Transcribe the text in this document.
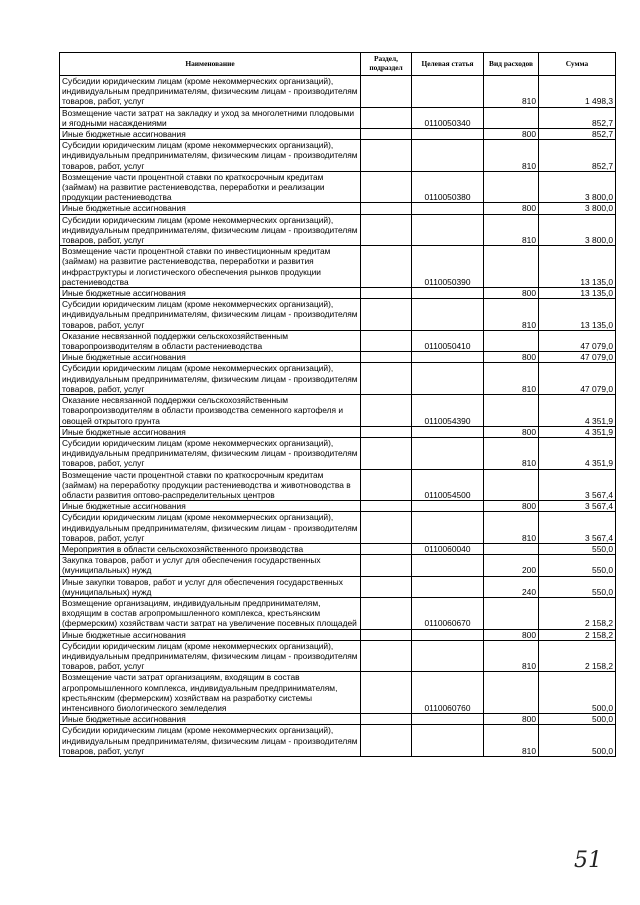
Наименование	Раздел, подраздел	Целевая статья	Вид расходов	Сумма
Субсидии юридическим лицам (кроме некоммерческих организаций), индивидуальным предпринимателям, физическим лицам - производителям товаров, работ, услуг			810	1 498,3
Возмещение части затрат на закладку и уход за многолетними плодовыми и ягодными насаждениями		0110050340		852,7
Иные бюджетные ассигнования			800	852,7
Субсидии юридическим лицам (кроме некоммерческих организаций), индивидуальным предпринимателям, физическим лицам - производителям товаров, работ, услуг			810	852,7
Возмещение части процентной ставки по краткосрочным кредитам (займам) на развитие растениеводства, переработки и реализации продукции растениеводства		0110050380		3 800,0
Иные бюджетные ассигнования			800	3 800,0
Субсидии юридическим лицам (кроме некоммерческих организаций), индивидуальным предпринимателям, физическим лицам - производителям товаров, работ, услуг			810	3 800,0
Возмещение части процентной ставки по инвестиционным кредитам (займам) на развитие растениеводства, переработки и развития инфраструктуры и логистического обеспечения рынков продукции растениеводства		0110050390		13 135,0
Иные бюджетные ассигнования			800	13 135,0
Субсидии юридическим лицам (кроме некоммерческих организаций), индивидуальным предпринимателям, физическим лицам - производителям товаров, работ, услуг			810	13 135,0
Оказание несвязанной поддержки сельскохозяйственным товаропроизводителям в области растениеводства		0110050410		47 079,0
Иные бюджетные ассигнования			800	47 079,0
Субсидии юридическим лицам (кроме некоммерческих организаций), индивидуальным предпринимателям, физическим лицам - производителям товаров, работ, услуг			810	47 079,0
Оказание несвязанной поддержки сельскохозяйственным товаропроизводителям в области производства семенного картофеля и овощей открытого грунта		0110054390		4 351,9
Иные бюджетные ассигнования			800	4 351,9
Субсидии юридическим лицам (кроме некоммерческих организаций), индивидуальным предпринимателям, физическим лицам - производителям товаров, работ, услуг			810	4 351,9
Возмещение части процентной ставки по краткосрочным кредитам (займам) на переработку продукции растениеводства и животноводства в области развития оптово-распределительных центров		0110054500		3 567,4
Иные бюджетные ассигнования			800	3 567,4
Субсидии юридическим лицам (кроме некоммерческих организаций), индивидуальным предпринимателям, физическим лицам - производителям товаров, работ, услуг			810	3 567,4
Мероприятия в области сельскохозяйственного производства		0110060040		550,0
Закупка товаров, работ и услуг для обеспечения государственных (муниципальных) нужд			200	550,0
Иные закупки товаров, работ и услуг для обеспечения государственных (муниципальных) нужд			240	550,0
Возмещение организациям, индивидуальным предпринимателям, входящим в состав агропромышленного комплекса, крестьянским (фермерским) хозяйствам части затрат на увеличение посевных площадей		0110060670		2 158,2
Иные бюджетные ассигнования			800	2 158,2
Субсидии юридическим лицам (кроме некоммерческих организаций), индивидуальным предпринимателям, физическим лицам - производителям товаров, работ, услуг			810	2 158,2
Возмещение части затрат организациям, входящим в состав агропромышленного комплекса, индивидуальным предпринимателям, крестьянским (фермерским) хозяйствам на разработку системы интенсивного биологического земледелия		0110060760		500,0
Иные бюджетные ассигнования			800	500,0
Субсидии юридическим лицам (кроме некоммерческих организаций), индивидуальным предпринимателям, физическим лицам - производителям товаров, работ, услуг			810	500,0
51
